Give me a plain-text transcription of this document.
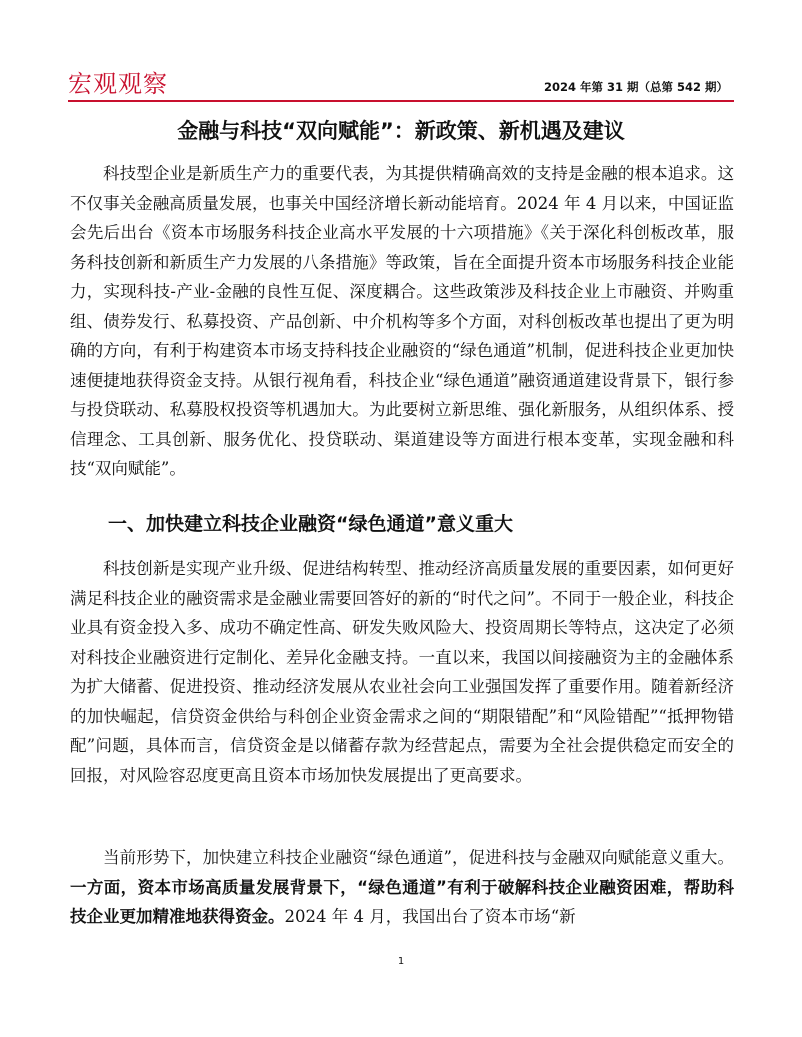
宏观观察	2024 年第 31 期（总第 542 期）
金融与科技“双向赋能”：新政策、新机遇及建议

科技型企业是新质生产力的重要代表，为其提供精确高效的支持是金融的根本追求。这不仅事关金融高质量发展，也事关中国经济增长新动能培育。2024 年 4 月以来，中国证监会先后出台《资本市场服务科技企业高水平发展的十六项措施》《关于深化科创板改革，服务科技创新和新质生产力发展的八条措施》等政策，旨在全面提升资本市场服务科技企业能力，实现科技-产业-金融的良性互促、深度耦合。这些政策涉及科技企业上市融资、并购重组、债券发行、私募投资、产品创新、中介机构等多个方面，对科创板改革也提出了更为明确的方向，有利于构建资本市场支持科技企业融资的“绿色通道”机制，促进科技企业更加快速便捷地获得资金支持。从银行视角看，科技企业“绿色通道”融资通道建设背景下，银行参与投贷联动、私募股权投资等机遇加大。为此要树立新思维、强化新服务，从组织体系、授信理念、工具创新、服务优化、投贷联动、渠道建设等方面进行根本变革，实现金融和科技“双向赋能”。

一、加快建立科技企业融资“绿色通道”意义重大

科技创新是实现产业升级、促进结构转型、推动经济高质量发展的重要因素，如何更好满足科技企业的融资需求是金融业需要回答好的新的“时代之问”。不同于一般企业，科技企业具有资金投入多、成功不确定性高、研发失败风险大、投资周期长等特点，这决定了必须对科技企业融资进行定制化、差异化金融支持。一直以来，我国以间接融资为主的金融体系为扩大储蓄、促进投资、推动经济发展从农业社会向工业强国发挥了重要作用。随着新经济的加快崛起，信贷资金供给与科创企业资金需求之间的“期限错配”和“风险错配”“抵押物错配”问题，具体而言，信贷资金是以储蓄存款为经营起点，需要为全社会提供稳定而安全的回报，对风险容忍度更高且资本市场加快发展提出了更高要求。

当前形势下，加快建立科技企业融资“绿色通道”，促进科技与金融双向赋能意义重大。一方面，资本市场高质量发展背景下，“绿色通道”有利于破解科技企业融资困难，帮助科技企业更加精准地获得资金。2024 年 4 月，我国出台了资本市场“新

1
